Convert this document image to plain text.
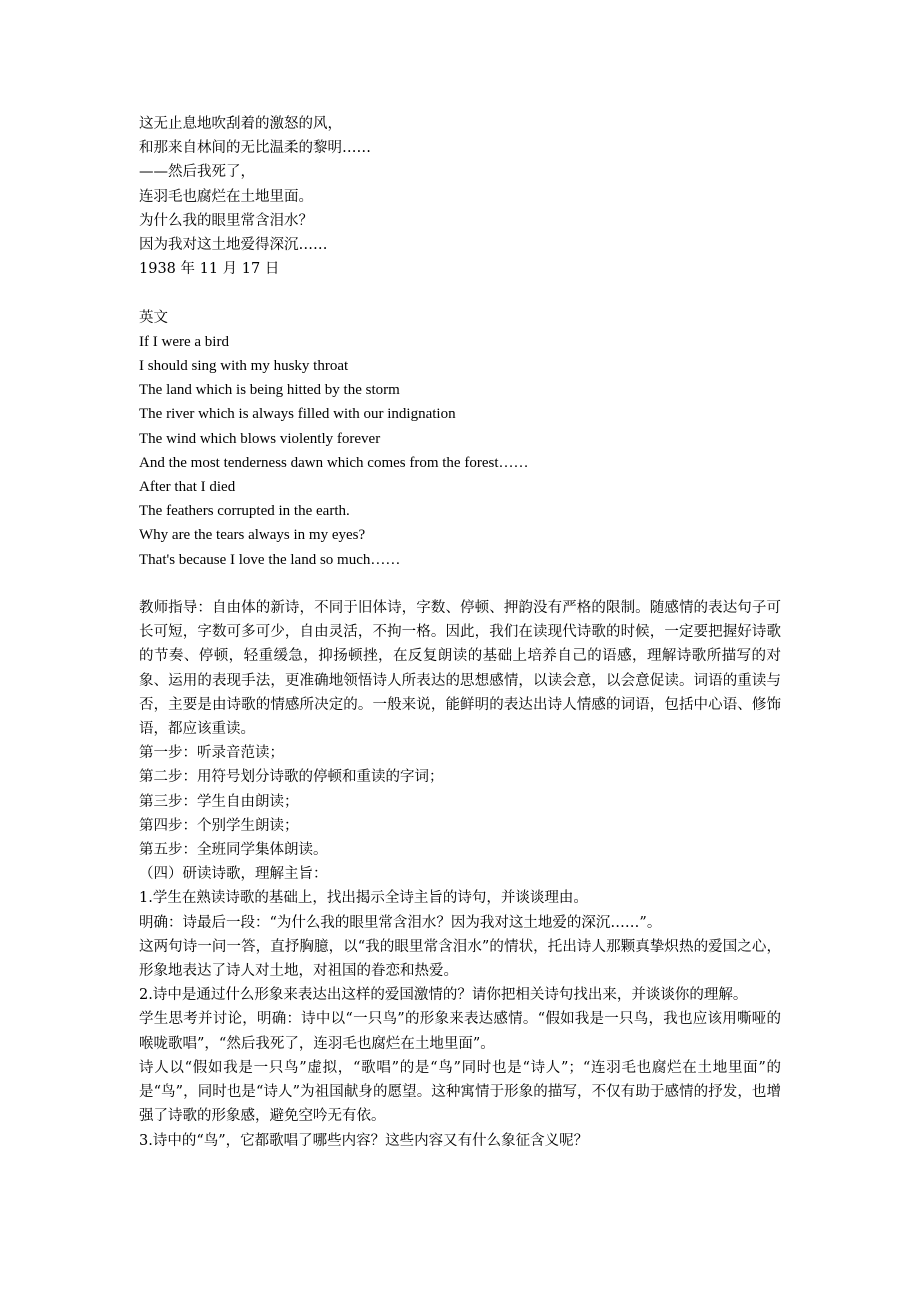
这无止息地吹刮着的激怒的风，
和那来自林间的无比温柔的黎明……
——然后我死了，
连羽毛也腐烂在土地里面。
为什么我的眼里常含泪水？
因为我对这土地爱得深沉……
1938 年 11 月 17 日
英文
If I were a bird
I should sing with my husky throat
The land which is being hitted by the storm
The river which is always filled with our indignation
The wind which blows violently forever
And the most tenderness dawn which comes from the forest……
After that I died
The feathers corrupted in the earth.
Why are the tears always in my eyes?
That's because I love the land so much……
教师指导：自由体的新诗，不同于旧体诗，字数、停顿、押韵没有严格的限制。随感情的表达句子可长可短，字数可多可少，自由灵活，不拘一格。因此，我们在读现代诗歌的时候，一定要把握好诗歌的节奏、停顿，轻重缓急，抑扬顿挫，在反复朗读的基础上培养自己的语感，理解诗歌所描写的对象、运用的表现手法，更准确地领悟诗人所表达的思想感情，以读会意，以会意促读。词语的重读与否，主要是由诗歌的情感所决定的。一般来说，能鲜明的表达出诗人情感的词语，包括中心语、修饰语，都应该重读。
第一步：听录音范读；
第二步：用符号划分诗歌的停顿和重读的字词；
第三步：学生自由朗读；
第四步：个别学生朗读；
第五步：全班同学集体朗读。
（四）研读诗歌，理解主旨：
1.学生在熟读诗歌的基础上，找出揭示全诗主旨的诗句，并谈谈理由。
明确：诗最后一段：“为什么我的眼里常含泪水？因为我对这土地爱的深沉……”。
这两句诗一问一答，直抒胸臆，以“我的眼里常含泪水”的情状，托出诗人那颗真挚炽热的爱国之心，形象地表达了诗人对土地，对祖国的眷恋和热爱。
2.诗中是通过什么形象来表达出这样的爱国激情的？请你把相关诗句找出来，并谈谈你的理解。
学生思考并讨论，明确：诗中以“一只鸟”的形象来表达感情。“假如我是一只鸟，我也应该用嘶哑的喉咙歌唱”，“然后我死了，连羽毛也腐烂在土地里面”。
诗人以“假如我是一只鸟”虚拟，“歌唱”的是“鸟”同时也是“诗人”；“连羽毛也腐烂在土地里面”的是“鸟”，同时也是“诗人”为祖国献身的愿望。这种寓情于形象的描写，不仅有助于感情的抒发，也增强了诗歌的形象感，避免空吟无有依。
3.诗中的“鸟”，它都歌唱了哪些内容？这些内容又有什么象征含义呢？
